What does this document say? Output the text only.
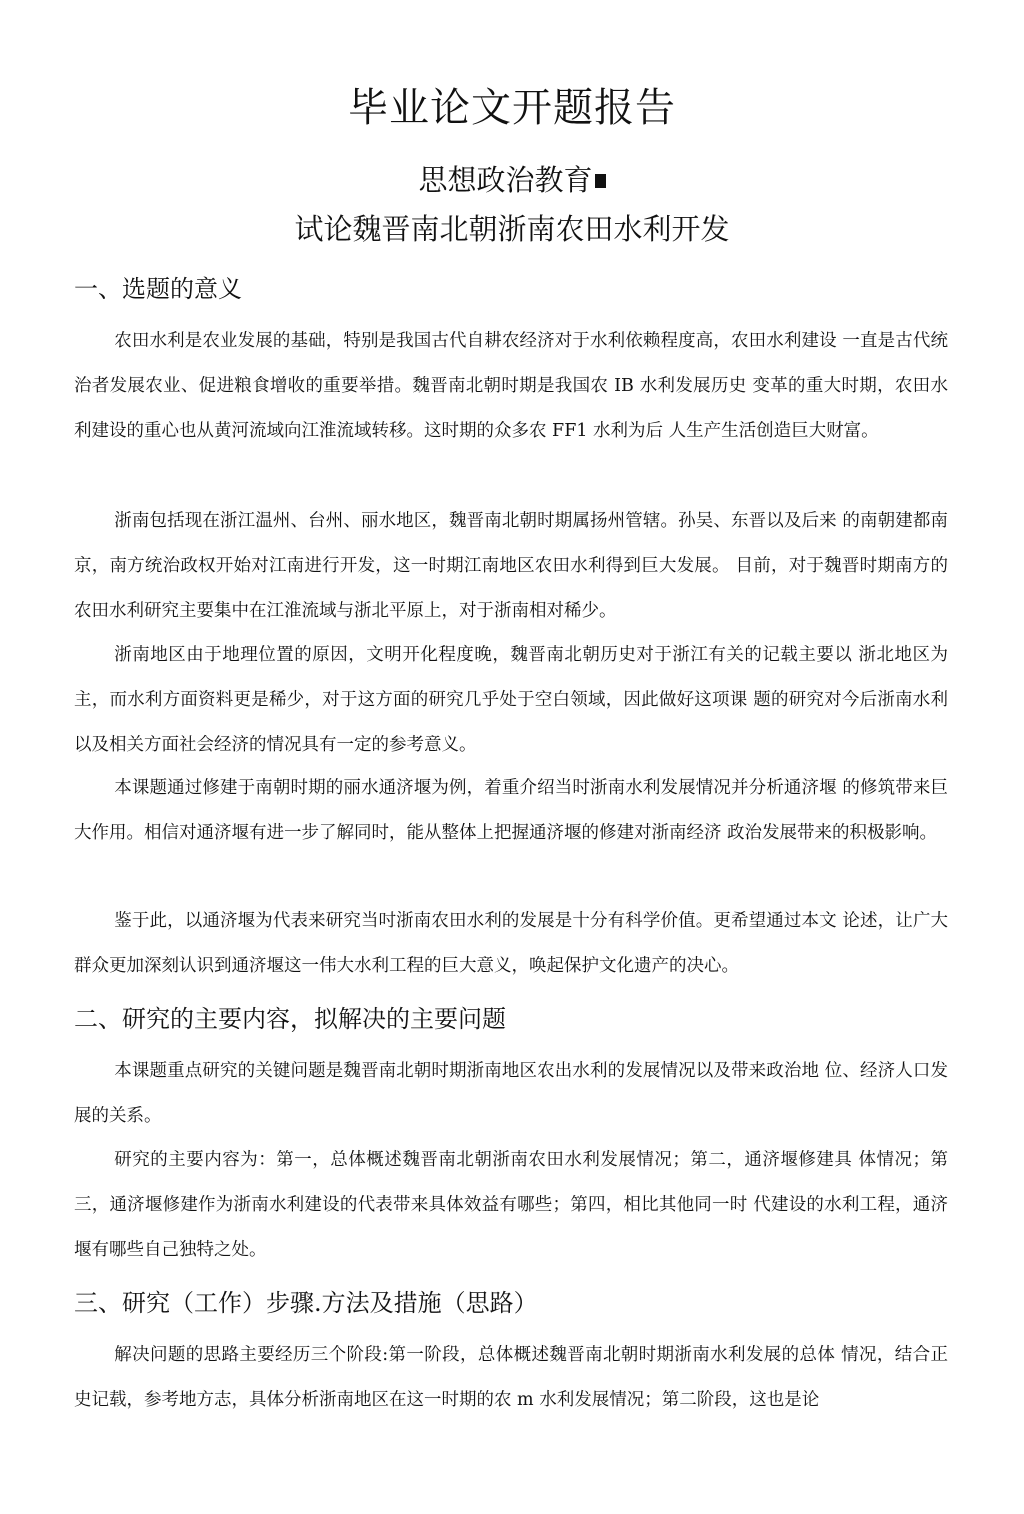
毕业论文开题报告
思想政治教育
试论魏晋南北朝浙南农田水利开发
一、选题的意义

农田水利是农业发展的基础，特别是我国古代自耕农经济对于水利依赖程度高，农田水利建设 一直是古代统治者发展农业、促进粮食增收的重要举措。魏晋南北朝时期是我国农 IB 水利发展历史 变革的重大时期，农田水利建设的重心也从黄河流域向江淮流域转移。这时期的众多农 FF1 水利为后 人生产生活创造巨大财富。

浙南包括现在浙江温州、台州、丽水地区，魏晋南北朝时期属扬州管辖。孙吴、东晋以及后来 的南朝建都南京，南方统治政权开始对江南进行开发，这一时期江南地区农田水利得到巨大发展。 目前，对于魏晋时期南方的农田水利研究主要集中在江淮流域与浙北平原上，对于浙南相对稀少。

浙南地区由于地理位置的原因，文明开化程度晚，魏晋南北朝历史对于浙江有关的记载主要以 浙北地区为主，而水利方面资料更是稀少，对于这方面的研究几乎处于空白领域，因此做好这项课 题的研究对今后浙南水利以及相关方面社会经济的情况具有一定的参考意义。

本课题通过修建于南朝时期的丽水通济堰为例，着重介绍当时浙南水利发展情况并分析通济堰 的修筑带来巨大作用。相信对通济堰有进一步了解同时，能从整体上把握通济堰的修建对浙南经济 政治发展带来的积极影响。

鉴于此，以通济堰为代表来研究当吋浙南农田水利的发展是十分有科学价值。更希望通过本文 论述，让广大群众更加深刻认识到通济堰这一伟大水利工程的巨大意义，唤起保护文化遗产的决心。

二、研究的主要内容，拟解决的主要问题

本课题重点研究的关键问题是魏晋南北朝时期浙南地区农出水利的发展情况以及带来政治地 位、经济人口发展的关系。

研究的主要内容为：第一，总体概述魏晋南北朝浙南农田水利发展情况；第二，通济堰修建具 体情况；第三，通济堰修建作为浙南水利建设的代表带来具体效益有哪些；第四，相比其他同一时 代建设的水利工程，通济堰有哪些自己独特之处。

三、研究（工作）步骤.方法及措施（思路）

解决问题的思路主要经历三个阶段:第一阶段，总体概述魏晋南北朝时期浙南水利发展的总体 情况，结合正史记载，参考地方志，具体分析浙南地区在这一时期的农 m 水利发展情况；第二阶段，这也是论
